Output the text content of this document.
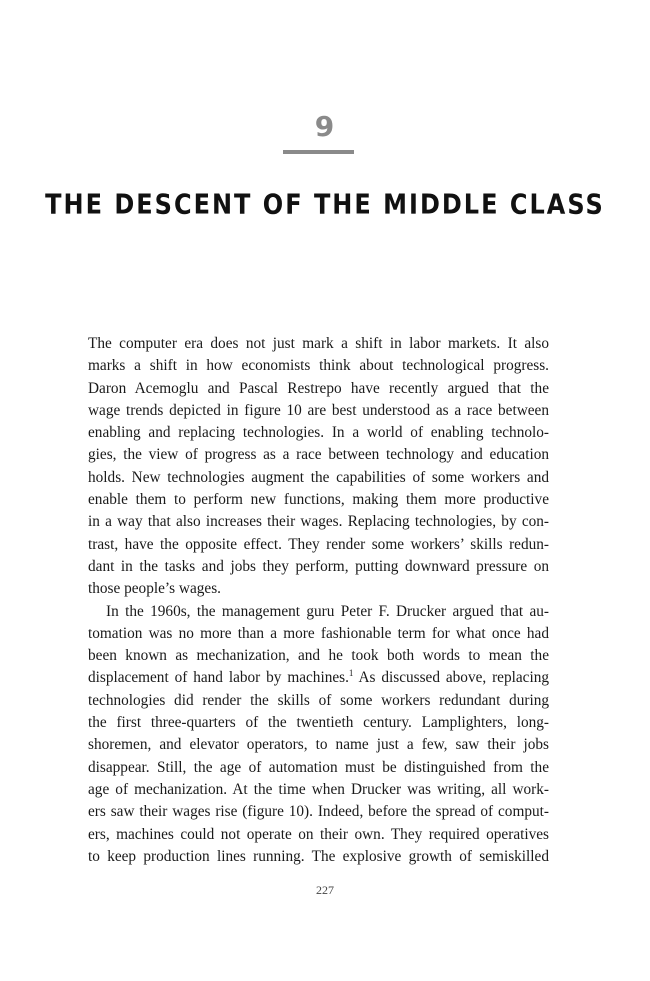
9
THE DESCENT OF THE MIDDLE CLASS
The computer era does not just mark a shift in labor markets. It also
marks a shift in how economists think about technological progress.
Daron Acemoglu and Pascal Restrepo have recently argued that the
wage trends depicted in figure 10 are best understood as a race between
enabling and replacing technologies. In a world of enabling technolo-
gies, the view of progress as a race between technology and education
holds. New technologies augment the capabilities of some workers and
enable them to perform new functions, making them more productive
in a way that also increases their wages. Replacing technologies, by con-
trast, have the opposite effect. They render some workers’ skills redun-
dant in the tasks and jobs they perform, putting downward pressure on
those people’s wages.
In the 1960s, the management guru Peter F. Drucker argued that au-
tomation was no more than a more fashionable term for what once had
been known as mechanization, and he took both words to mean the
displacement of hand labor by machines.$^1$ As discussed above, replacing
technologies did render the skills of some workers redundant during
the first three-quarters of the twentieth century. Lamplighters, long-
shoremen, and elevator operators, to name just a few, saw their jobs
disappear. Still, the age of automation must be distinguished from the
age of mechanization. At the time when Drucker was writing, all work-
ers saw their wages rise (figure 10). Indeed, before the spread of comput-
ers, machines could not operate on their own. They required operatives
to keep production lines running. The explosive growth of semiskilled
227
